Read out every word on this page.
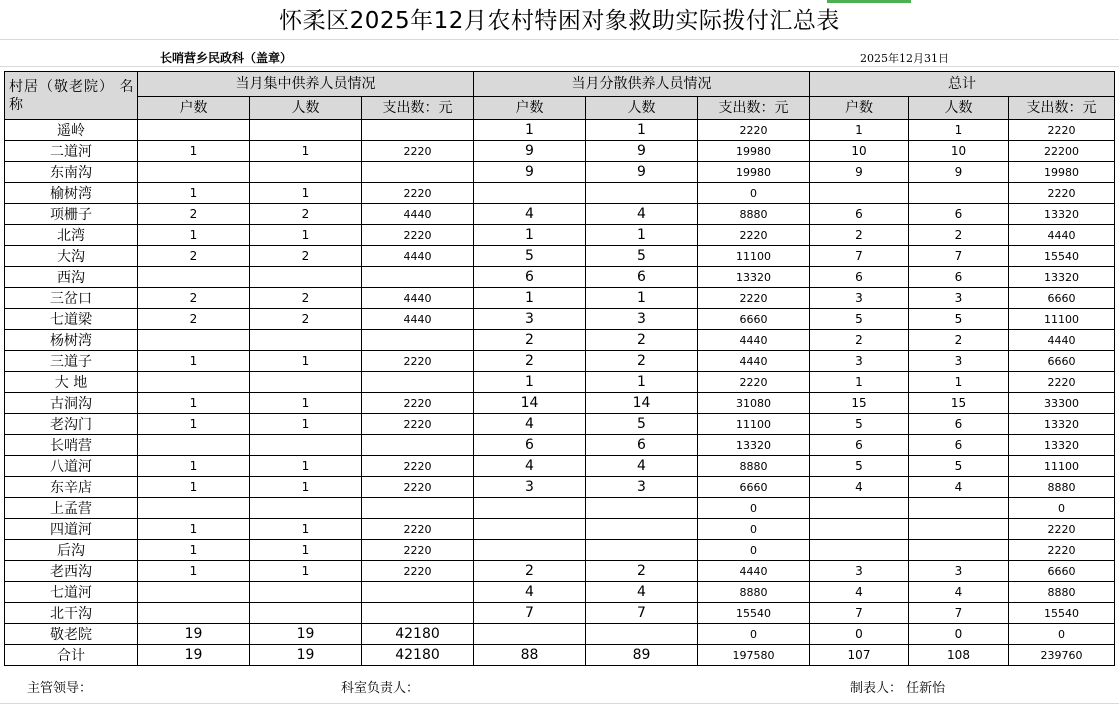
怀柔区2025年12月农村特困对象救助实际拨付汇总表
长哨营乡民政科（盖章）	2025年12月31日
村居（敬老院） 名称	当月集中供养人员情况			当月分散供养人员情况			总计		
	户数	人数	支出数：元	户数	人数	支出数：元	户数	人数	支出数：元
遥岭				1	1	2220	1	1	2220
二道河	1	1	2220	9	9	19980	10	10	22200
东南沟				9	9	19980	9	9	19980
榆树湾	1	1	2220			0			2220
项栅子	2	2	4440	4	4	8880	6	6	13320
北湾	1	1	2220	1	1	2220	2	2	4440
大沟	2	2	4440	5	5	11100	7	7	15540
西沟				6	6	13320	6	6	13320
三岔口	2	2	4440	1	1	2220	3	3	6660
七道梁	2	2	4440	3	3	6660	5	5	11100
杨树湾				2	2	4440	2	2	4440
三道子	1	1	2220	2	2	4440	3	3	6660
大 地				1	1	2220	1	1	2220
古洞沟	1	1	2220	14	14	31080	15	15	33300
老沟门	1	1	2220	4	5	11100	5	6	13320
长哨营				6	6	13320	6	6	13320
八道河	1	1	2220	4	4	8880	5	5	11100
东辛店	1	1	2220	3	3	6660	4	4	8880
上孟营						0			0
四道河	1	1	2220			0			2220
后沟	1	1	2220			0			2220
老西沟	1	1	2220	2	2	4440	3	3	6660
七道河				4	4	8880	4	4	8880
北干沟				7	7	15540	7	7	15540
敬老院	19	19	42180			0	0	0	0
合计	19	19	42180	88	89	197580	107	108	239760
主管领导：	科室负责人：	制表人： 任新怡
